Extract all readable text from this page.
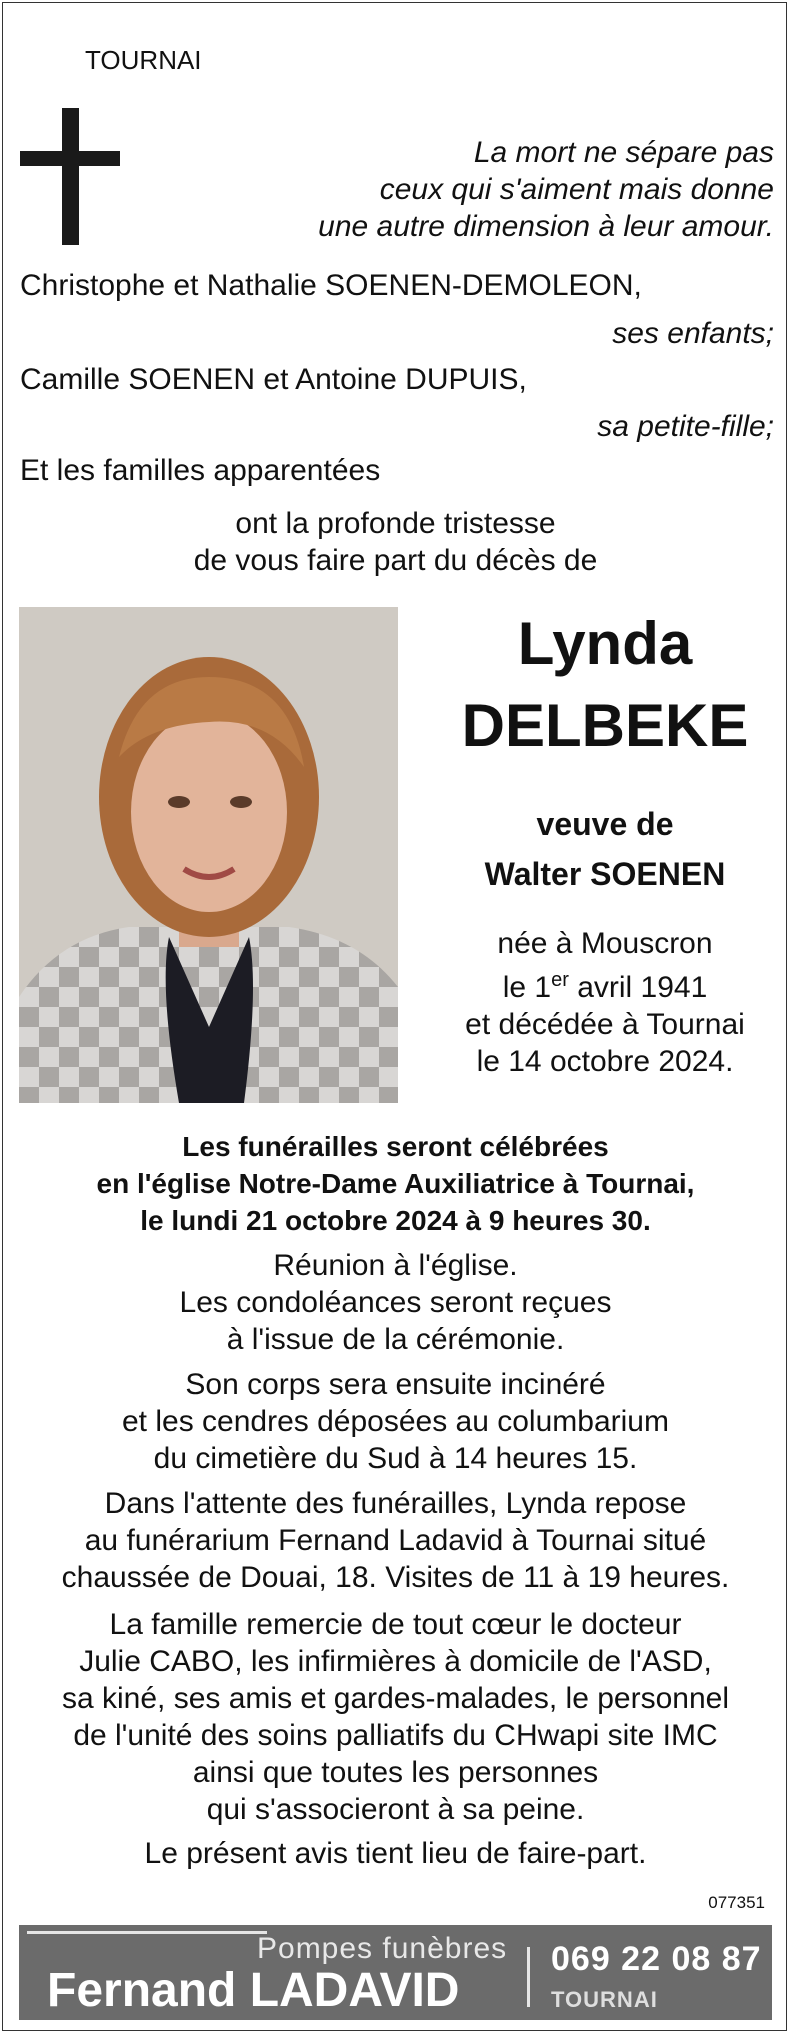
TOURNAI

La mort ne sépare pas
ceux qui s'aiment mais donne
une autre dimension à leur amour.
Christophe et Nathalie SOENEN-DEMOLEON,
ses enfants;
Camille SOENEN et Antoine DUPUIS,
sa petite-fille;
Et les familles apparentées
ont la profonde tristesse
de vous faire part du décès de
Lynda
DELBEKE
veuve de
Walter SOENEN
née à Mouscron
le 1er avril 1941
et décédée à Tournai
le 14 octobre 2024.
Les funérailles seront célébrées
en l'église Notre-Dame Auxiliatrice à Tournai,
le lundi 21 octobre 2024 à 9 heures 30.
Réunion à l'église.
Les condoléances seront reçues
à l'issue de la cérémonie.
Son corps sera ensuite incinéré
et les cendres déposées au columbarium
du cimetière du Sud à 14 heures 15.
Dans l'attente des funérailles, Lynda repose
au funérarium Fernand Ladavid à Tournai situé
chaussée de Douai, 18. Visites de 11 à 19 heures.
La famille remercie de tout cœur le docteur
Julie CABO, les infirmières à domicile de l'ASD,
sa kiné, ses amis et gardes-malades, le personnel
de l'unité des soins palliatifs du CHwapi site IMC
ainsi que toutes les personnes
qui s'associeront à sa peine.
Le présent avis tient lieu de faire-part.
077351
Pompes funèbres
Fernand LADAVID
069 22 08 87
TOURNAI
